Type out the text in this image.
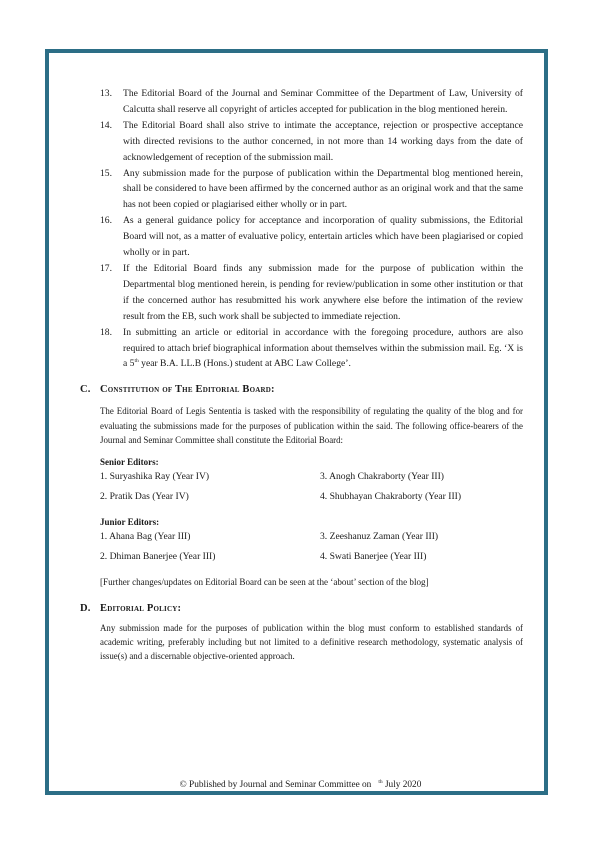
13.	The Editorial Board of the Journal and Seminar Committee of the Department of Law, University of Calcutta shall reserve all copyright of articles accepted for publication in the blog mentioned herein.
14.	The Editorial Board shall also strive to intimate the acceptance, rejection or prospective acceptance with directed revisions to the author concerned, in not more than 14 working days from the date of acknowledgement of reception of the submission mail.
15.	Any submission made for the purpose of publication within the Departmental blog mentioned herein, shall be considered to have been affirmed by the concerned author as an original work and that the same has not been copied or plagiarised either wholly or in part.
16.	As a general guidance policy for acceptance and incorporation of quality submissions, the Editorial Board will not, as a matter of evaluative policy, entertain articles which have been plagiarised or copied wholly or in part.
17.	If the Editorial Board finds any submission made for the purpose of publication within the Departmental blog mentioned herein, is pending for review/publication in some other institution or that if the concerned author has resubmitted his work anywhere else before the intimation of the review result from the EB, such work shall be subjected to immediate rejection.
18.	In submitting an article or editorial in accordance with the foregoing procedure, authors are also required to attach brief biographical information about themselves within the submission mail. Eg. ‘X is a 5th year B.A. LL.B (Hons.) student at ABC Law College’.
C. Constitution of The Editorial Board:
The Editorial Board of Legis Sententia is tasked with the responsibility of regulating the quality of the blog and for evaluating the submissions made for the purposes of publication within the said. The following office-bearers of the Journal and Seminar Committee shall constitute the Editorial Board:
Senior Editors:
1. Suryashika Ray (Year IV)	3. Anogh Chakraborty (Year III)
2. Pratik Das (Year IV)	4. Shubhayan Chakraborty (Year III)
Junior Editors:
1. Ahana Bag (Year III)	3. Zeeshanuz Zaman (Year III)
2. Dhiman Banerjee (Year III)	4. Swati Banerjee (Year III)
[Further changes/updates on Editorial Board can be seen at the ‘about’ section of the blog]
D. Editorial Policy:
Any submission made for the purposes of publication within the blog must conform to established standards of academic writing, preferably including but not limited to a definitive research methodology, systematic analysis of issue(s) and a discernable objective-oriented approach.
© Published by Journal and Seminar Committee on $^{th}$ July 2020
